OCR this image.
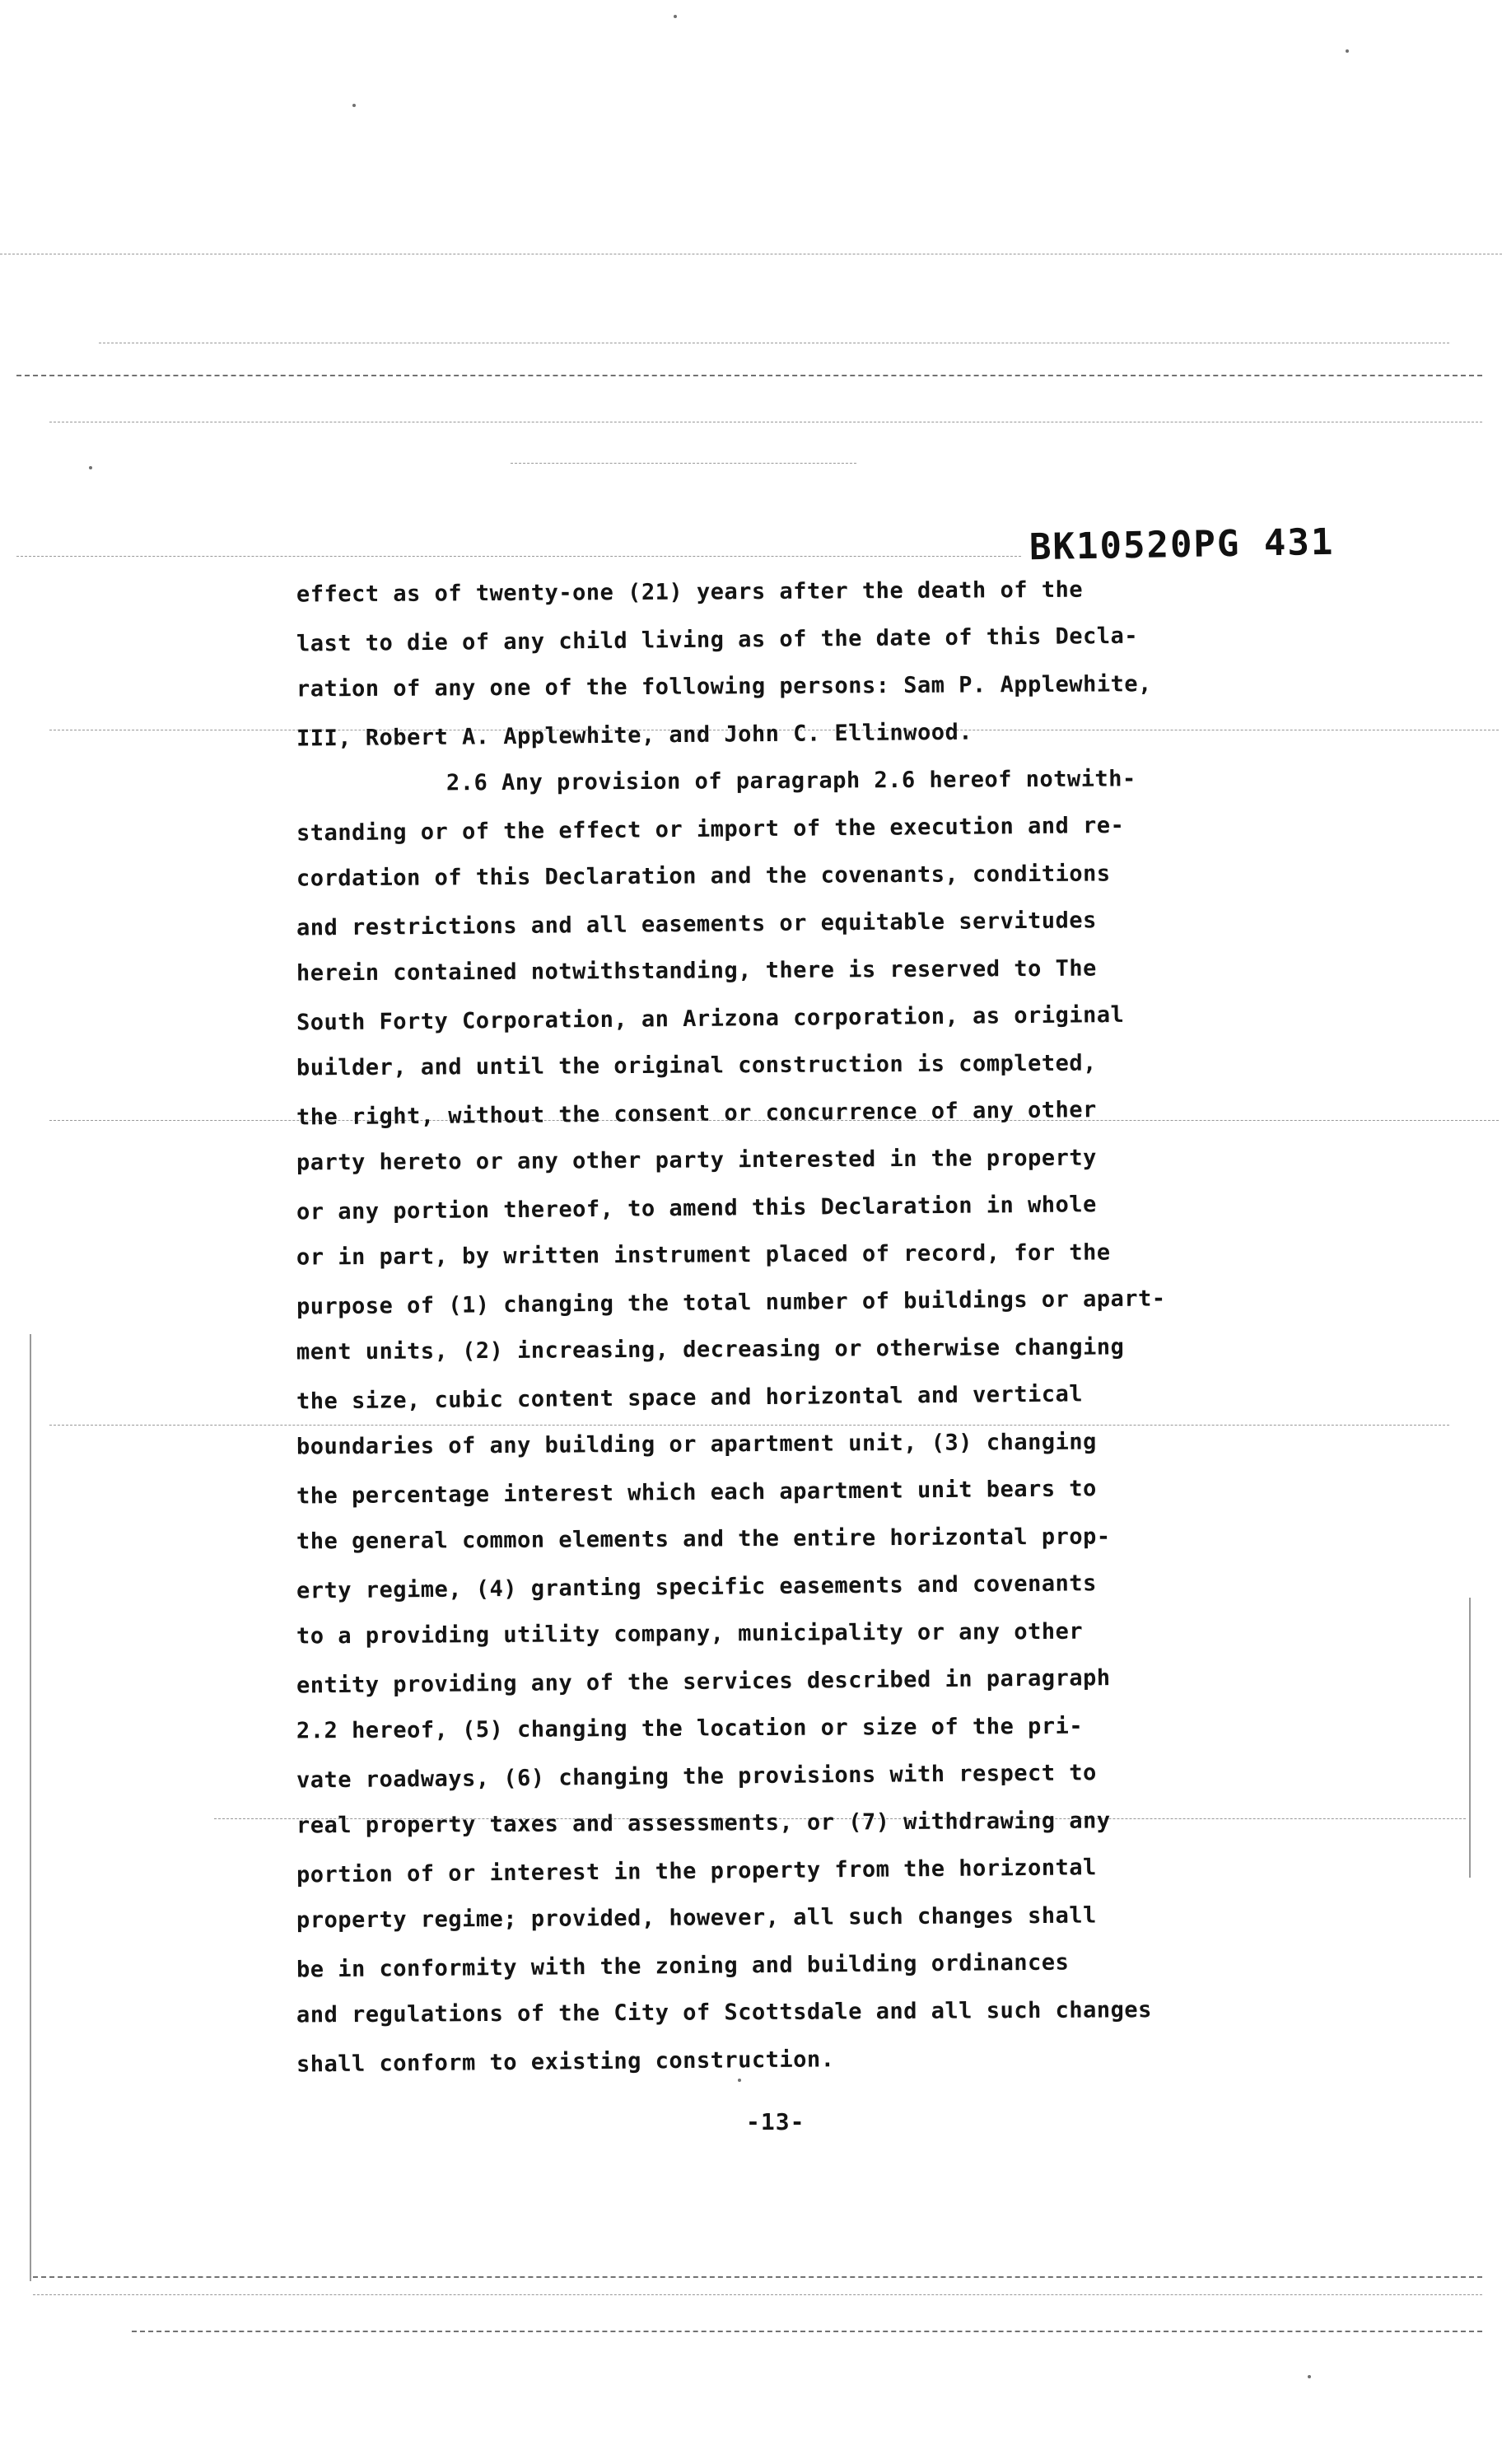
BK10520PG 431
effect as of twenty-one (21) years after the death of the
last to die of any child living as of the date of this Decla-
ration of any one of the following persons: Sam P. Applewhite,
III, Robert A. Applewhite, and John C. Ellinwood.
2.6 Any provision of paragraph 2.6 hereof notwith-
standing or of the effect or import of the execution and re-
cordation of this Declaration and the covenants, conditions
and restrictions and all easements or equitable servitudes
herein contained notwithstanding, there is reserved to The
South Forty Corporation, an Arizona corporation, as original
builder, and until the original construction is completed,
the right, without the consent or concurrence of any other
party hereto or any other party interested in the property
or any portion thereof, to amend this Declaration in whole
or in part, by written instrument placed of record, for the
purpose of (1) changing the total number of buildings or apart-
ment units, (2) increasing, decreasing or otherwise changing
the size, cubic content space and horizontal and vertical
boundaries of any building or apartment unit, (3) changing
the percentage interest which each apartment unit bears to
the general common elements and the entire horizontal prop-
erty regime, (4) granting specific easements and covenants
to a providing utility company, municipality or any other
entity providing any of the services described in paragraph
2.2 hereof, (5) changing the location or size of the pri-
vate roadways, (6) changing the provisions with respect to
real property taxes and assessments, or (7) withdrawing any
portion of or interest in the property from the horizontal
property regime; provided, however, all such changes shall
be in conformity with the zoning and building ordinances
and regulations of the City of Scottsdale and all such changes
shall conform to existing construction.
-13-
